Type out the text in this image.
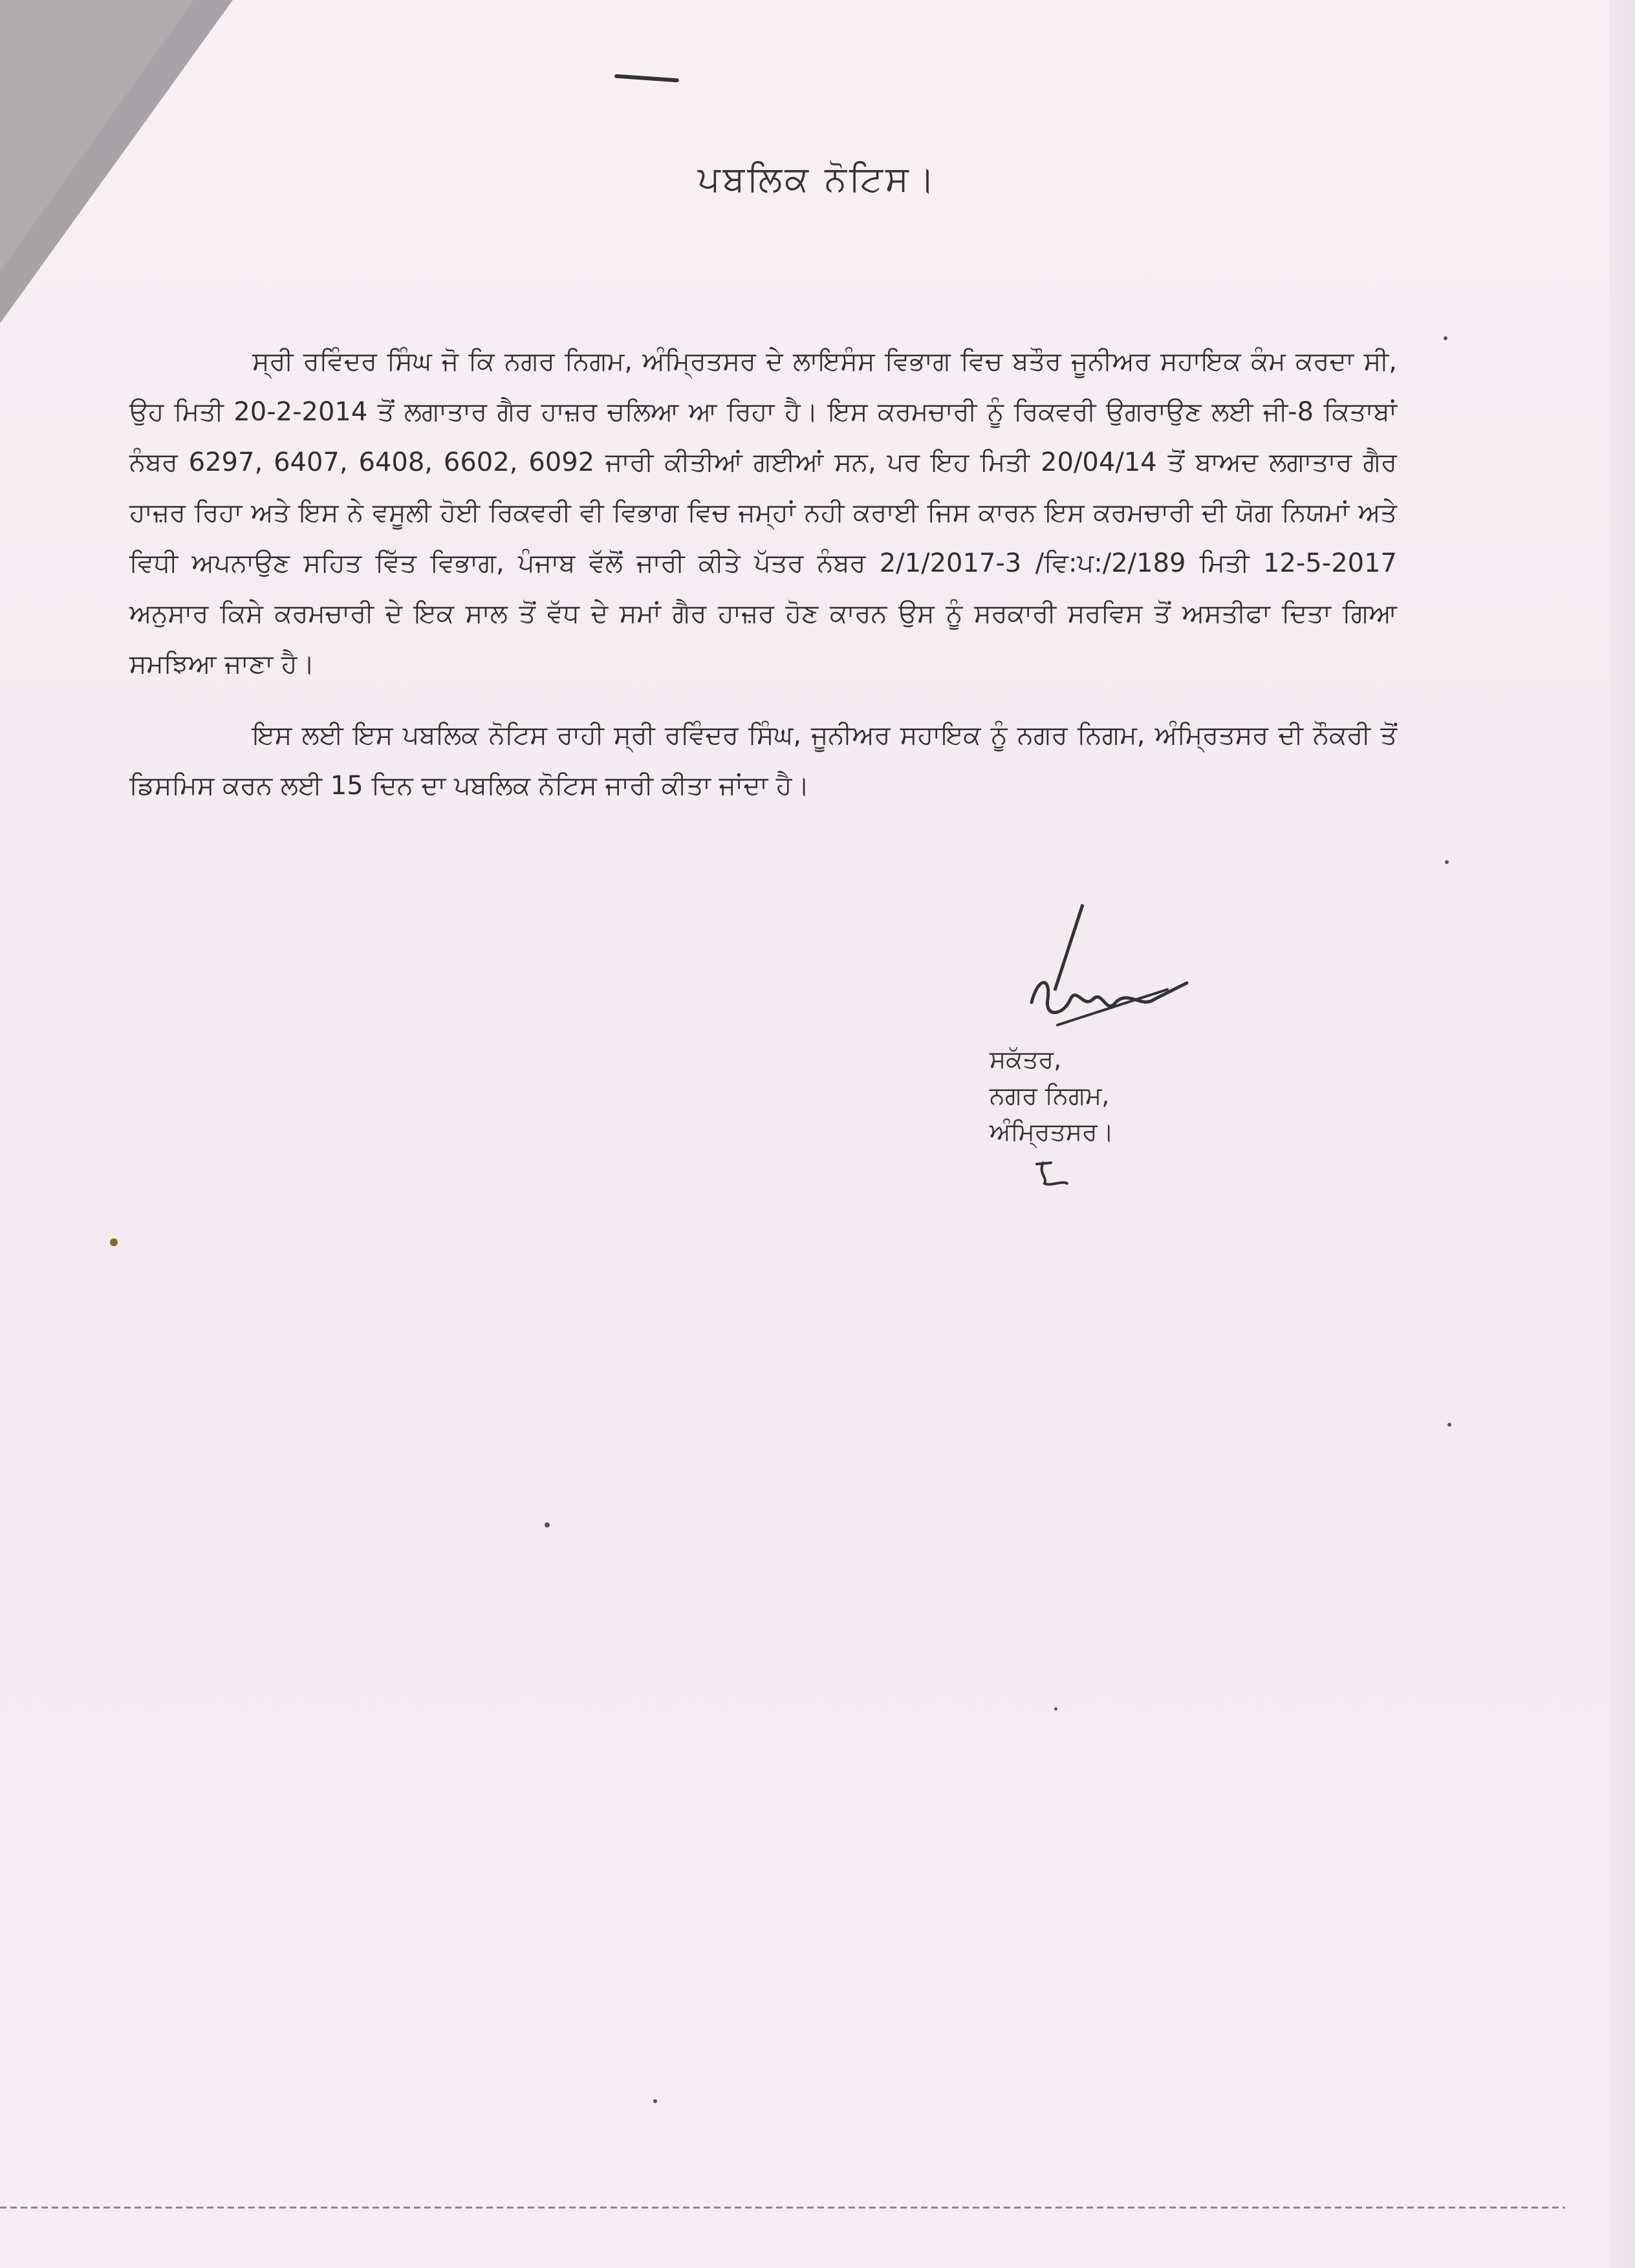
ਪਬਲਿਕ ਨੋਟਿਸ।

ਸ੍ਰੀ ਰਵਿੰਦਰ ਸਿੰਘ ਜੋ ਕਿ ਨਗਰ ਨਿਗਮ, ਅੰਮ੍ਰਿਤਸਰ ਦੇ ਲਾਇਸੰਸ ਵਿਭਾਗ ਵਿਚ ਬਤੌਰ ਜੂਨੀਅਰ ਸਹਾਇਕ ਕੰਮ ਕਰਦਾ ਸੀ, ਉਹ ਮਿਤੀ 20-2-2014 ਤੋਂ ਲਗਾਤਾਰ ਗੈਰ ਹਾਜ਼ਰ ਚਲਿਆ ਆ ਰਿਹਾ ਹੈ। ਇਸ ਕਰਮਚਾਰੀ ਨੂੰ ਰਿਕਵਰੀ ਉਗਰਾਉਣ ਲਈ ਜੀ-8 ਕਿਤਾਬਾਂ ਨੰਬਰ 6297, 6407, 6408, 6602, 6092 ਜਾਰੀ ਕੀਤੀਆਂ ਗਈਆਂ ਸਨ, ਪਰ ਇਹ ਮਿਤੀ 20/04/14 ਤੋਂ ਬਾਅਦ ਲਗਾਤਾਰ ਗੈਰ ਹਾਜ਼ਰ ਰਿਹਾ ਅਤੇ ਇਸ ਨੇ ਵਸੂਲੀ ਹੋਈ ਰਿਕਵਰੀ ਵੀ ਵਿਭਾਗ ਵਿਚ ਜਮ੍ਹਾਂ ਨਹੀ ਕਰਾਈ ਜਿਸ ਕਾਰਨ ਇਸ ਕਰਮਚਾਰੀ ਦੀ ਯੋਗ ਨਿਯਮਾਂ ਅਤੇ ਵਿਧੀ ਅਪਨਾਉਣ ਸਹਿਤ ਵਿੱਤ ਵਿਭਾਗ, ਪੰਜਾਬ ਵੱਲੋਂ ਜਾਰੀ ਕੀਤੇ ਪੱਤਰ ਨੰਬਰ 2/1/2017-3 /ਵਿ:ਪ:/2/189 ਮਿਤੀ 12-5-2017 ਅਨੁਸਾਰ ਕਿਸੇ ਕਰਮਚਾਰੀ ਦੇ ਇਕ ਸਾਲ ਤੋਂ ਵੱਧ ਦੇ ਸਮਾਂ ਗੈਰ ਹਾਜ਼ਰ ਹੋਣ ਕਾਰਨ ਉਸ ਨੂੰ ਸਰਕਾਰੀ ਸਰਵਿਸ ਤੋਂ ਅਸਤੀਫਾ ਦਿਤਾ ਗਿਆ ਸਮਝਿਆ ਜਾਣਾ ਹੈ।

ਇਸ ਲਈ ਇਸ ਪਬਲਿਕ ਨੋਟਿਸ ਰਾਹੀ ਸ੍ਰੀ ਰਵਿੰਦਰ ਸਿੰਘ, ਜੂਨੀਅਰ ਸਹਾਇਕ ਨੂੰ ਨਗਰ ਨਿਗਮ, ਅੰਮ੍ਰਿਤਸਰ ਦੀ ਨੌਕਰੀ ਤੋਂ ਡਿਸਮਿਸ ਕਰਨ ਲਈ 15 ਦਿਨ ਦਾ ਪਬਲਿਕ ਨੋਟਿਸ ਜਾਰੀ ਕੀਤਾ ਜਾਂਦਾ ਹੈ।

ਸਕੱਤਰ,
ਨਗਰ ਨਿਗਮ,
ਅੰਮ੍ਰਿਤਸਰ।
